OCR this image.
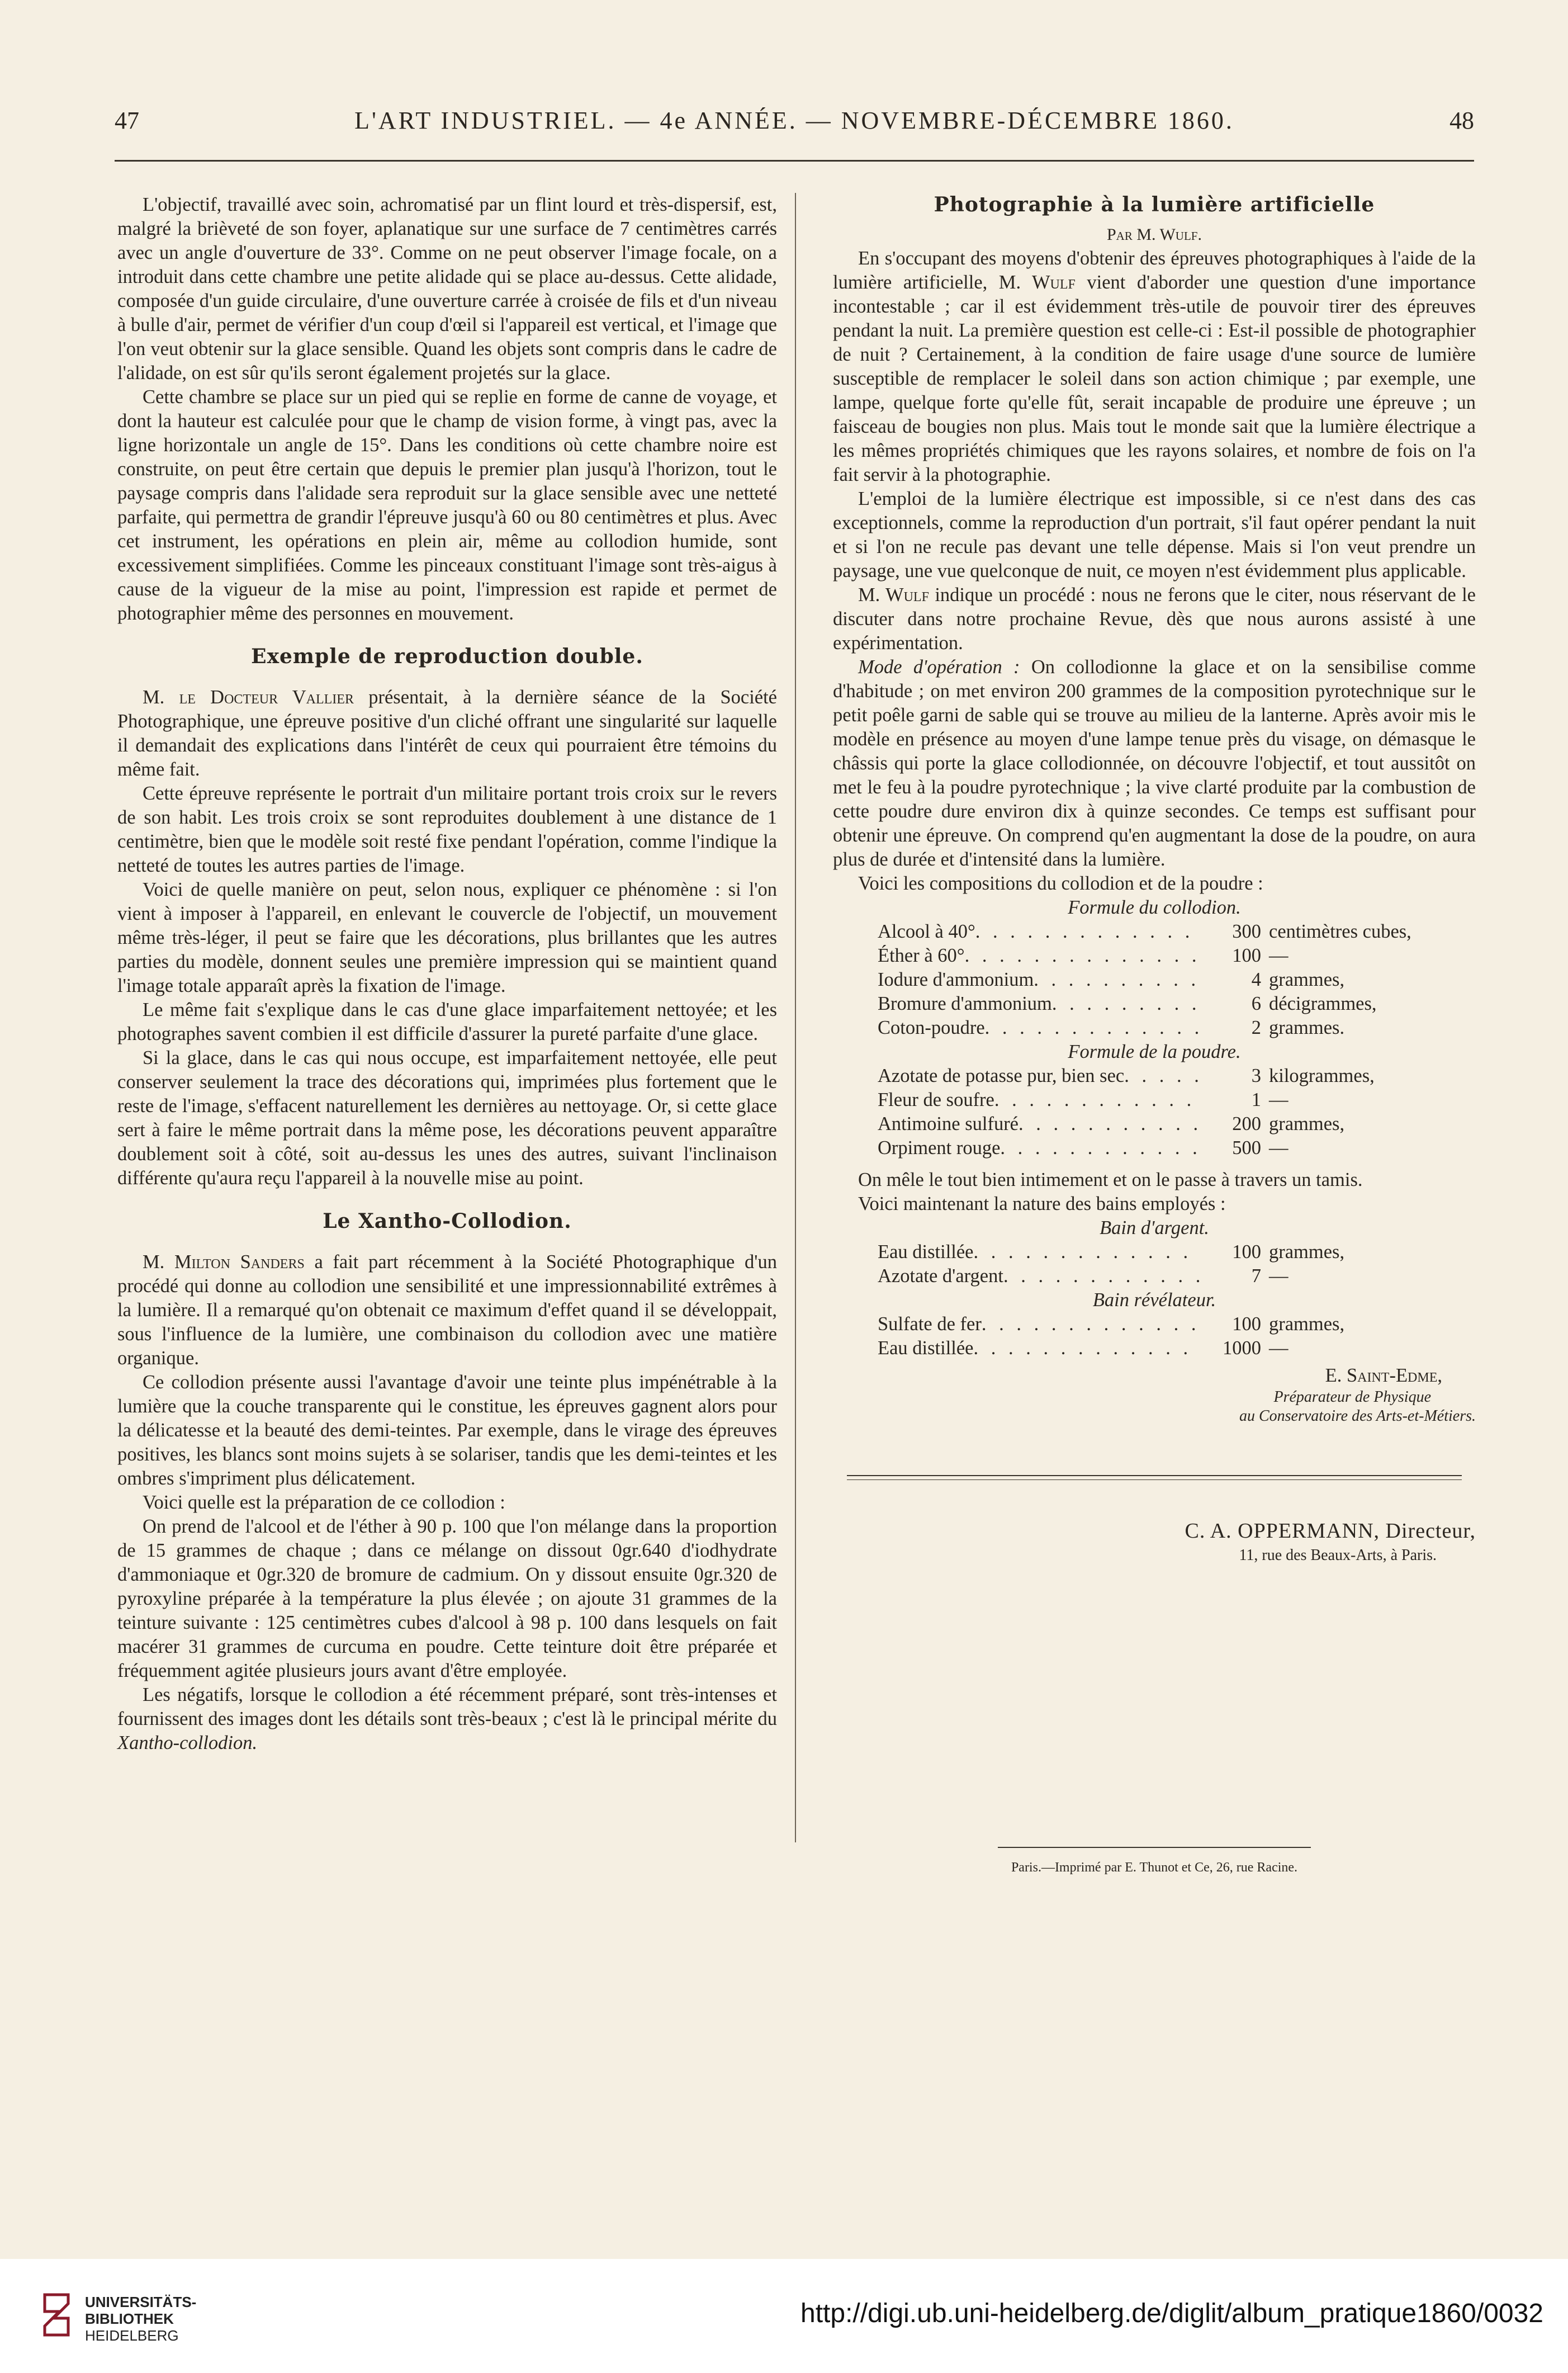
47	L'ART INDUSTRIEL. — 4e ANNÉE. — NOVEMBRE-DÉCEMBRE 1860.	48

L'objectif, travaillé avec soin, achromatisé par un flint lourd et très-dispersif, est, malgré la brièveté de son foyer, aplanatique sur une surface de 7 centimètres carrés avec un angle d'ouverture de 33°. Comme on ne peut observer l'image focale, on a introduit dans cette chambre une petite alidade qui se place au-dessus. Cette alidade, composée d'un guide circulaire, d'une ouverture carrée à croisée de fils et d'un niveau à bulle d'air, permet de vérifier d'un coup d'œil si l'appareil est vertical, et l'image que l'on veut obtenir sur la glace sensible. Quand les objets sont compris dans le cadre de l'alidade, on est sûr qu'ils seront également projetés sur la glace.

Cette chambre se place sur un pied qui se replie en forme de canne de voyage, et dont la hauteur est calculée pour que le champ de vision forme, à vingt pas, avec la ligne horizontale un angle de 15°. Dans les conditions où cette chambre noire est construite, on peut être certain que depuis le premier plan jusqu'à l'horizon, tout le paysage compris dans l'alidade sera reproduit sur la glace sensible avec une netteté parfaite, qui permettra de grandir l'épreuve jusqu'à 60 ou 80 centimètres et plus. Avec cet instrument, les opérations en plein air, même au collodion humide, sont excessivement simplifiées. Comme les pinceaux constituant l'image sont très-aigus à cause de la vigueur de la mise au point, l'impression est rapide et permet de photographier même des personnes en mouvement.

Exemple de reproduction double.

M. le Docteur Vallier présentait, à la dernière séance de la Société Photographique, une épreuve positive d'un cliché offrant une singularité sur laquelle il demandait des explications dans l'intérêt de ceux qui pourraient être témoins du même fait.

Cette épreuve représente le portrait d'un militaire portant trois croix sur le revers de son habit. Les trois croix se sont reproduites doublement à une distance de 1 centimètre, bien que le modèle soit resté fixe pendant l'opération, comme l'indique la netteté de toutes les autres parties de l'image.

Voici de quelle manière on peut, selon nous, expliquer ce phénomène : si l'on vient à imposer à l'appareil, en enlevant le couvercle de l'objectif, un mouvement même très-léger, il peut se faire que les décorations, plus brillantes que les autres parties du modèle, donnent seules une première impression qui se maintient quand l'image totale apparaît après la fixation de l'image.

Le même fait s'explique dans le cas d'une glace imparfaitement nettoyée; et les photographes savent combien il est difficile d'assurer la pureté parfaite d'une glace.

Si la glace, dans le cas qui nous occupe, est imparfaitement nettoyée, elle peut conserver seulement la trace des décorations qui, imprimées plus fortement que le reste de l'image, s'effacent naturellement les dernières au nettoyage. Or, si cette glace sert à faire le même portrait dans la même pose, les décorations peuvent apparaître doublement soit à côté, soit au-dessus les unes des autres, suivant l'inclinaison différente qu'aura reçu l'appareil à la nouvelle mise au point.

Le Xantho-Collodion.

M. Milton Sanders a fait part récemment à la Société Photographique d'un procédé qui donne au collodion une sensibilité et une impressionnabilité extrêmes à la lumière. Il a remarqué qu'on obtenait ce maximum d'effet quand il se développait, sous l'influence de la lumière, une combinaison du collodion avec une matière organique.

Ce collodion présente aussi l'avantage d'avoir une teinte plus impénétrable à la lumière que la couche transparente qui le constitue, les épreuves gagnent alors pour la délicatesse et la beauté des demi-teintes. Par exemple, dans le virage des épreuves positives, les blancs sont moins sujets à se solariser, tandis que les demi-teintes et les ombres s'impriment plus délicatement.

Voici quelle est la préparation de ce collodion :

On prend de l'alcool et de l'éther à 90 p. 100 que l'on mélange dans la proportion de 15 grammes de chaque ; dans ce mélange on dissout 0gr.640 d'iodhydrate d'ammoniaque et 0gr.320 de bromure de cadmium. On y dissout ensuite 0gr.320 de pyroxyline préparée à la température la plus élevée ; on ajoute 31 grammes de la teinture suivante : 125 centimètres cubes d'alcool à 98 p. 100 dans lesquels on fait macérer 31 grammes de curcuma en poudre. Cette teinture doit être préparée et fréquemment agitée plusieurs jours avant d'être employée.

Les négatifs, lorsque le collodion a été récemment préparé, sont très-intenses et fournissent des images dont les détails sont très-beaux ; c'est là le principal mérite du Xantho-collodion.

Photographie à la lumière artificielle

Par M. Wulf.

En s'occupant des moyens d'obtenir des épreuves photographiques à l'aide de la lumière artificielle, M. Wulf vient d'aborder une question d'une importance incontestable ; car il est évidemment très-utile de pouvoir tirer des épreuves pendant la nuit. La première question est celle-ci : Est-il possible de photographier de nuit ? Certainement, à la condition de faire usage d'une source de lumière susceptible de remplacer le soleil dans son action chimique ; par exemple, une lampe, quelque forte qu'elle fût, serait incapable de produire une épreuve ; un faisceau de bougies non plus. Mais tout le monde sait que la lumière électrique a les mêmes propriétés chimiques que les rayons solaires, et nombre de fois on l'a fait servir à la photographie.

L'emploi de la lumière électrique est impossible, si ce n'est dans des cas exceptionnels, comme la reproduction d'un portrait, s'il faut opérer pendant la nuit et si l'on ne recule pas devant une telle dépense. Mais si l'on veut prendre un paysage, une vue quelconque de nuit, ce moyen n'est évidemment plus applicable.

M. Wulf indique un procédé : nous ne ferons que le citer, nous réservant de le discuter dans notre prochaine Revue, dès que nous aurons assisté à une expérimentation.

Mode d'opération : On collodionne la glace et on la sensibilise comme d'habitude ; on met environ 200 grammes de la composition pyrotechnique sur le petit poêle garni de sable qui se trouve au milieu de la lanterne. Après avoir mis le modèle en présence au moyen d'une lampe tenue près du visage, on démasque le châssis qui porte la glace collodionnée, on découvre l'objectif, et tout aussitôt on met le feu à la poudre pyrotechnique ; la vive clarté produite par la combustion de cette poudre dure environ dix à quinze secondes. Ce temps est suffisant pour obtenir une épreuve. On comprend qu'en augmentant la dose de la poudre, on aura plus de durée et d'intensité dans la lumière.

Voici les compositions du collodion et de la poudre :

Formule du collodion.

Alcool à 40° . . .	300 centimètres cubes,
Éther à 60° . . .	100 —
Iodure d'ammonium . . .	4 grammes,
Bromure d'ammonium . . .	6 décigrammes,
Coton-poudre . . .	2 grammes.

Formule de la poudre.

Azotate de potasse pur, bien sec . . .	3 kilogrammes,
Fleur de soufre . . .	1 —
Antimoine sulfuré . . .	200 grammes,
Orpiment rouge . . .	500 —

On mêle le tout bien intimement et on le passe à travers un tamis.

Voici maintenant la nature des bains employés :

Bain d'argent.

Eau distillée . . .	100 grammes,
Azotate d'argent . . .	7 —

Bain révélateur.

Sulfate de fer . . .	100 grammes,
Eau distillée . . .	1000 —
E. Saint-Edme,
Préparateur de Physique
au Conservatoire des Arts-et-Métiers.
C. A. OPPERMANN, Directeur,
11, rue des Beaux-Arts, à Paris.
Paris.—Imprimé par E. Thunot et Ce, 26, rue Racine.
UNIVERSITÄTS-
BIBLIOTHEK
HEIDELBERG
http://digi.ub.uni-heidelberg.de/diglit/album_pratique1860/0032
